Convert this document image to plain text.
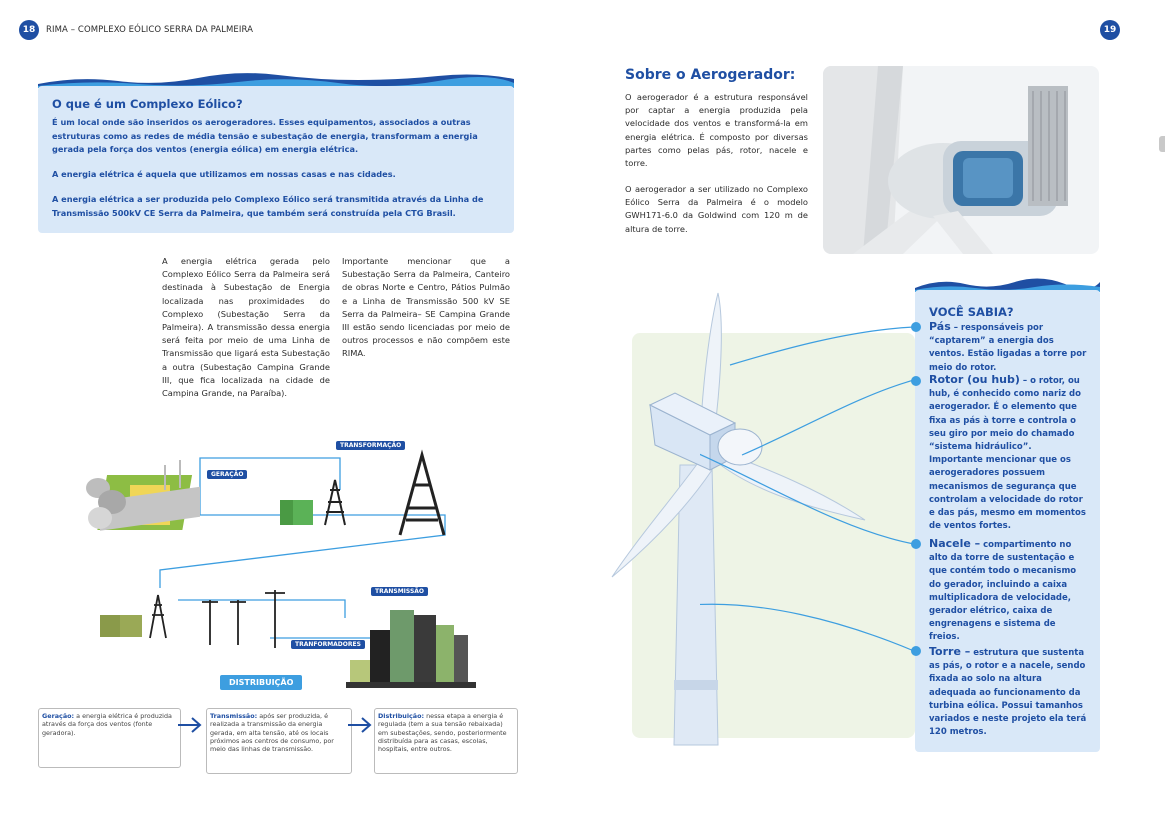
18	RIMA – COMPLEXO EÓLICO SERRA DA PALMEIRA	19
O que é um Complexo Eólico?
É um local onde são inseridos os aerogeradores. Esses equipamentos, associados a outras estruturas como as redes de média tensão e subestação de energia, transformam a energia gerada pela força dos ventos (energia eólica) em energia elétrica.
A energia elétrica é aquela que utilizamos em nossas casas e nas cidades.
A energia elétrica a ser produzida pelo Complexo Eólico será transmitida através da Linha de Transmissão 500kV CE Serra da Palmeira, que também será construída pela CTG Brasil.
A energia elétrica gerada pelo Complexo Eólico Serra da Palmeira será destinada à Subestação de Energia localizada nas proximidades do Complexo (Subestação Serra da Palmeira). A transmissão dessa energia será feita por meio de uma Linha de Transmissão que ligará esta Subestação a outra (Subestação Campina Grande III, que fica localizada na cidade de Campina Grande, na Paraíba).
Importante mencionar que a Subestação Serra da Palmeira, Canteiro de obras Norte e Centro, Pátios Pulmão e a Linha de Transmissão 500 kV SE Serra da Palmeira– SE Campina Grande III estão sendo licenciadas por meio de outros processos e não compõem este RIMA.
GERAÇÃO
TRANSFORMAÇÃO
TRANSMISSÃO
TRANFORMADORES
DISTRIBUIÇÃO
Geração: a energia elétrica é produzida através da força dos ventos (fonte geradora).
Transmissão: após ser produzida, é realizada a transmissão da energia gerada, em alta tensão, até os locais próximos aos centros de consumo, por meio das linhas de transmissão.
Distribuição: nessa etapa a energia é regulada (tem a sua tensão rebaixada) em subestações, sendo, posteriormente distribuída para as casas, escolas, hospitais, entre outros.
Sobre o Aerogerador:
O aerogerador é a estrutura responsável por captar a energia produzida pela velocidade dos ventos e transformá-la em energia elétrica. É composto por diversas partes como pelas pás, rotor, nacele e torre.
O aerogerador a ser utilizado no Complexo Eólico Serra da Palmeira é o modelo GWH171-6.0 da Goldwind com 120 m de altura de torre.
VOCÊ SABIA?
Pás – responsáveis por “captarem” a energia dos ventos. Estão ligadas a torre por meio do rotor.
Rotor (ou hub) – o rotor, ou hub, é conhecido como nariz do aerogerador. É o elemento que fixa as pás à torre e controla o seu giro por meio do chamado “sistema hidráulico”. Importante mencionar que os aerogeradores possuem mecanismos de segurança que controlam a velocidade do rotor e das pás, mesmo em momentos de ventos fortes.
Nacele – compartimento no alto da torre de sustentação e que contém todo o mecanismo do gerador, incluindo a caixa multiplicadora de velocidade, gerador elétrico, caixa de engrenagens e sistema de freios.
Torre – estrutura que sustenta as pás, o rotor e a nacele, sendo fixada ao solo na altura adequada ao funcionamento da turbina eólica. Possui tamanhos variados e neste projeto ela terá 120 metros.
